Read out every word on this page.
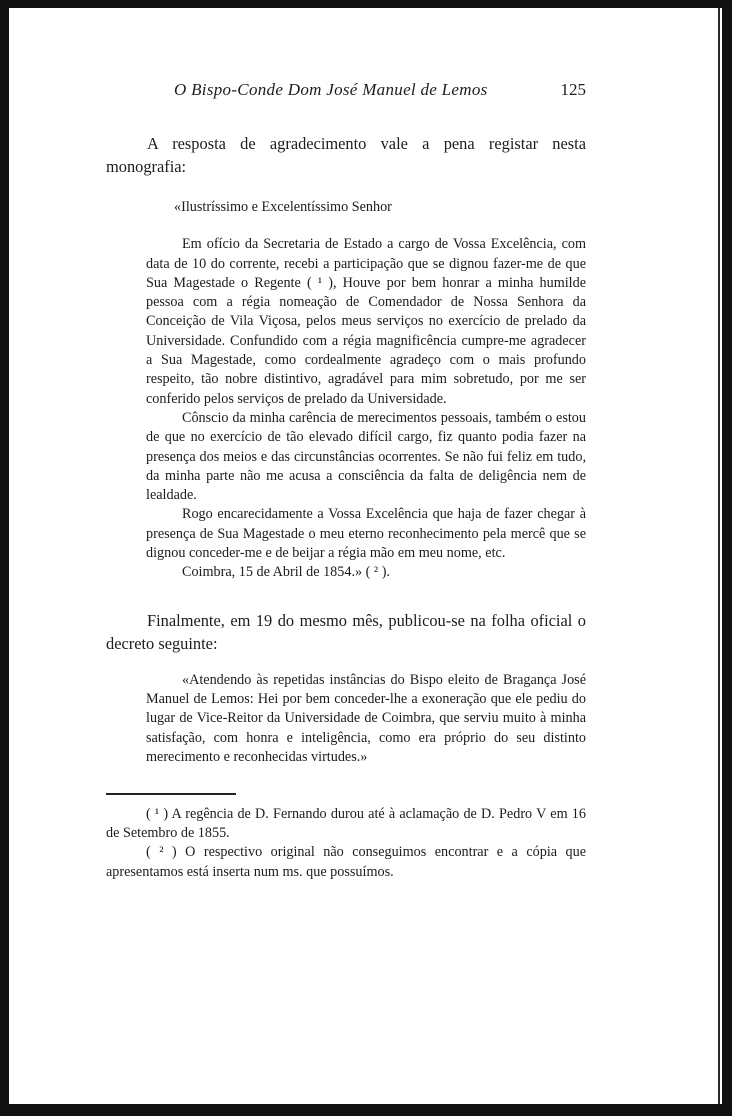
O Bispo-Conde Dom José Manuel de Lemos	125
A resposta de agradecimento vale a pena registar nesta monografia:
«Ilustríssimo e Excelentíssimo Senhor

Em ofício da Secretaria de Estado a cargo de Vossa Excelência, com data de 10 do corrente, recebi a participação que se dignou fazer-me de que Sua Magestade o Regente ( ¹ ), Houve por bem honrar a minha humilde pessoa com a régia nomeação de Comendador de Nossa Senhora da Conceição de Vila Viçosa, pelos meus serviços no exercício de prelado da Universidade. Confundido com a régia magnificência cumpre-me agradecer a Sua Magestade, como cordealmente agradeço com o mais profundo respeito, tão nobre distintivo, agradável para mim sobretudo, por me ser conferido pelos serviços de prelado da Universidade.

Cônscio da minha carência de merecimentos pessoais, também o estou de que no exercício de tão elevado difícil cargo, fiz quanto podia fazer na presença dos meios e das circunstâncias ocorrentes. Se não fui feliz em tudo, da minha parte não me acusa a consciência da falta de deligência nem de lealdade.

Rogo encarecidamente a Vossa Excelência que haja de fazer chegar à presença de Sua Magestade o meu eterno reconhecimento pela mercê que se dignou conceder-me e de beijar a régia mão em meu nome, etc.

Coimbra, 15 de Abril de 1854.» ( ² ).

Finalmente, em 19 do mesmo mês, publicou-se na folha oficial o decreto seguinte:
«Atendendo às repetidas instâncias do Bispo eleito de Bragança José Manuel de Lemos: Hei por bem conceder-lhe a exoneração que ele pediu do lugar de Vice-Reitor da Universidade de Coimbra, que serviu muito à minha satisfação, com honra e inteligência, como era próprio do seu distinto merecimento e reconhecidas virtudes.»

( ¹ ) A regência de D. Fernando durou até à aclamação de D. Pedro V em 16 de Setembro de 1855.

( ² ) O respectivo original não conseguimos encontrar e a cópia que apresentamos está inserta num ms. que possuímos.
